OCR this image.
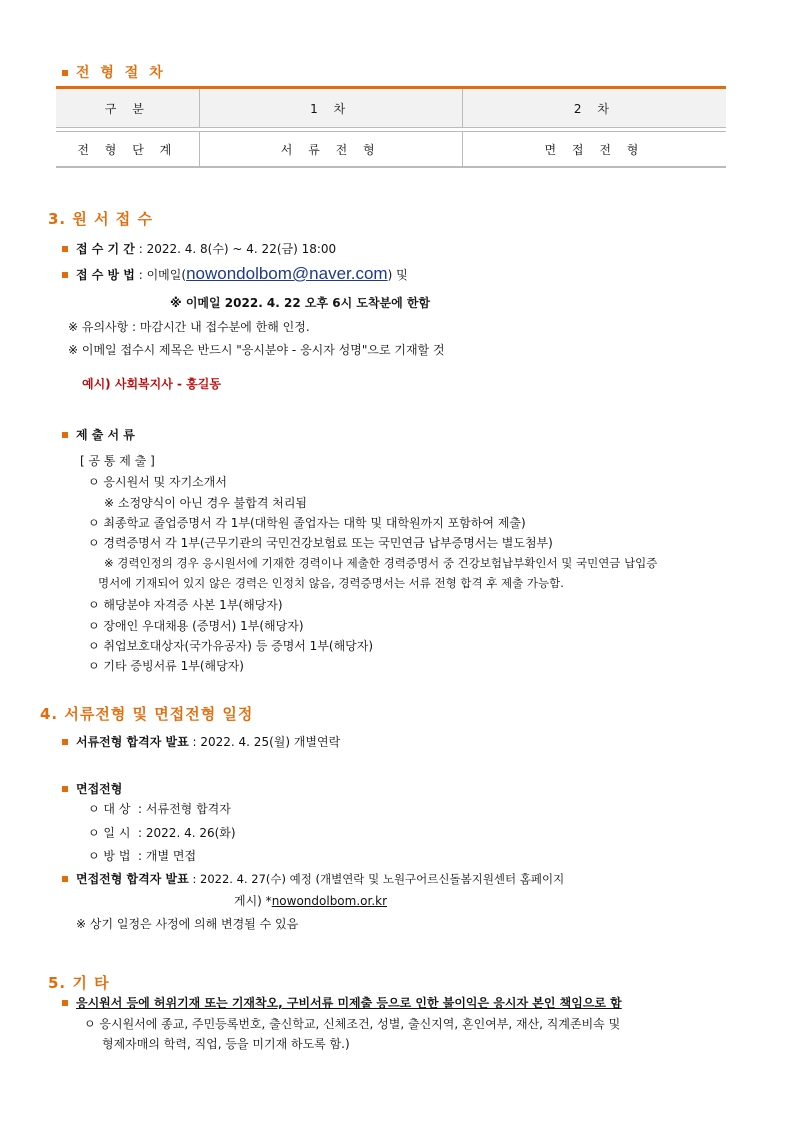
전 형 절 차
구 분	1 차	2 차
전 형 단 계	서 류 전 형	면 접 전 형
3. 원 서 접 수
접 수 기 간 : 2022. 4. 8(수) ~ 4. 22(금) 18:00
접 수 방 법 : 이메일(nowondolbom@naver.com) 및
※ 이메일 2022. 4. 22 오후 6시 도착분에 한함
※ 유의사항 : 마감시간 내 접수분에 한해 인정.
※ 이메일 접수시 제목은 반드시 "응시분야 - 응시자 성명"으로 기재할 것
예시) 사회복지사 - 홍길동
제 출 서 류
[ 공 통 제 출 ]
ㅇ 응시원서 및 자기소개서
※ 소정양식이 아닌 경우 불합격 처리됨
ㅇ 최종학교 졸업증명서 각 1부(대학원 졸업자는 대학 및 대학원까지 포함하여 제출)
ㅇ 경력증명서 각 1부(근무기관의 국민건강보험료 또는 국민연금 납부증명서는 별도첨부)
※ 경력인정의 경우 응시원서에 기재한 경력이나 제출한 경력증명서 중 건강보험납부확인서 및 국민연금 납입증
명서에 기재되어 있지 않은 경력은 인정치 않음, 경력증명서는 서류 전형 합격 후 제출 가능함.
ㅇ 해당분야 자격증 사본 1부(해당자)
ㅇ 장애인 우대채용 (증명서) 1부(해당자)
ㅇ 취업보호대상자(국가유공자) 등 증명서 1부(해당자)
ㅇ 기타 증빙서류 1부(해당자)
4. 서류전형 및 면접전형 일정
서류전형 합격자 발표 : 2022. 4. 25(월) 개별연락
면접전형
ㅇ 대 상 : 서류전형 합격자
ㅇ 일 시 : 2022. 4. 26(화)
ㅇ 방 법 : 개별 면접
면접전형 합격자 발표 : 2022. 4. 27(수) 예정 (개별연락 및 노원구어르신돌봄지원센터 홈페이지
게시) *nowondolbom.or.kr
※ 상기 일정은 사정에 의해 변경될 수 있음
5. 기 타
응시원서 등에 허위기재 또는 기재착오, 구비서류 미제출 등으로 인한 불이익은 응시자 본인 책임으로 함
ㅇ 응시원서에 종교, 주민등록번호, 출신학교, 신체조건, 성별, 출신지역, 혼인여부, 재산, 직계존비속 및
형제자매의 학력, 직업, 등을 미기재 하도록 함.)
